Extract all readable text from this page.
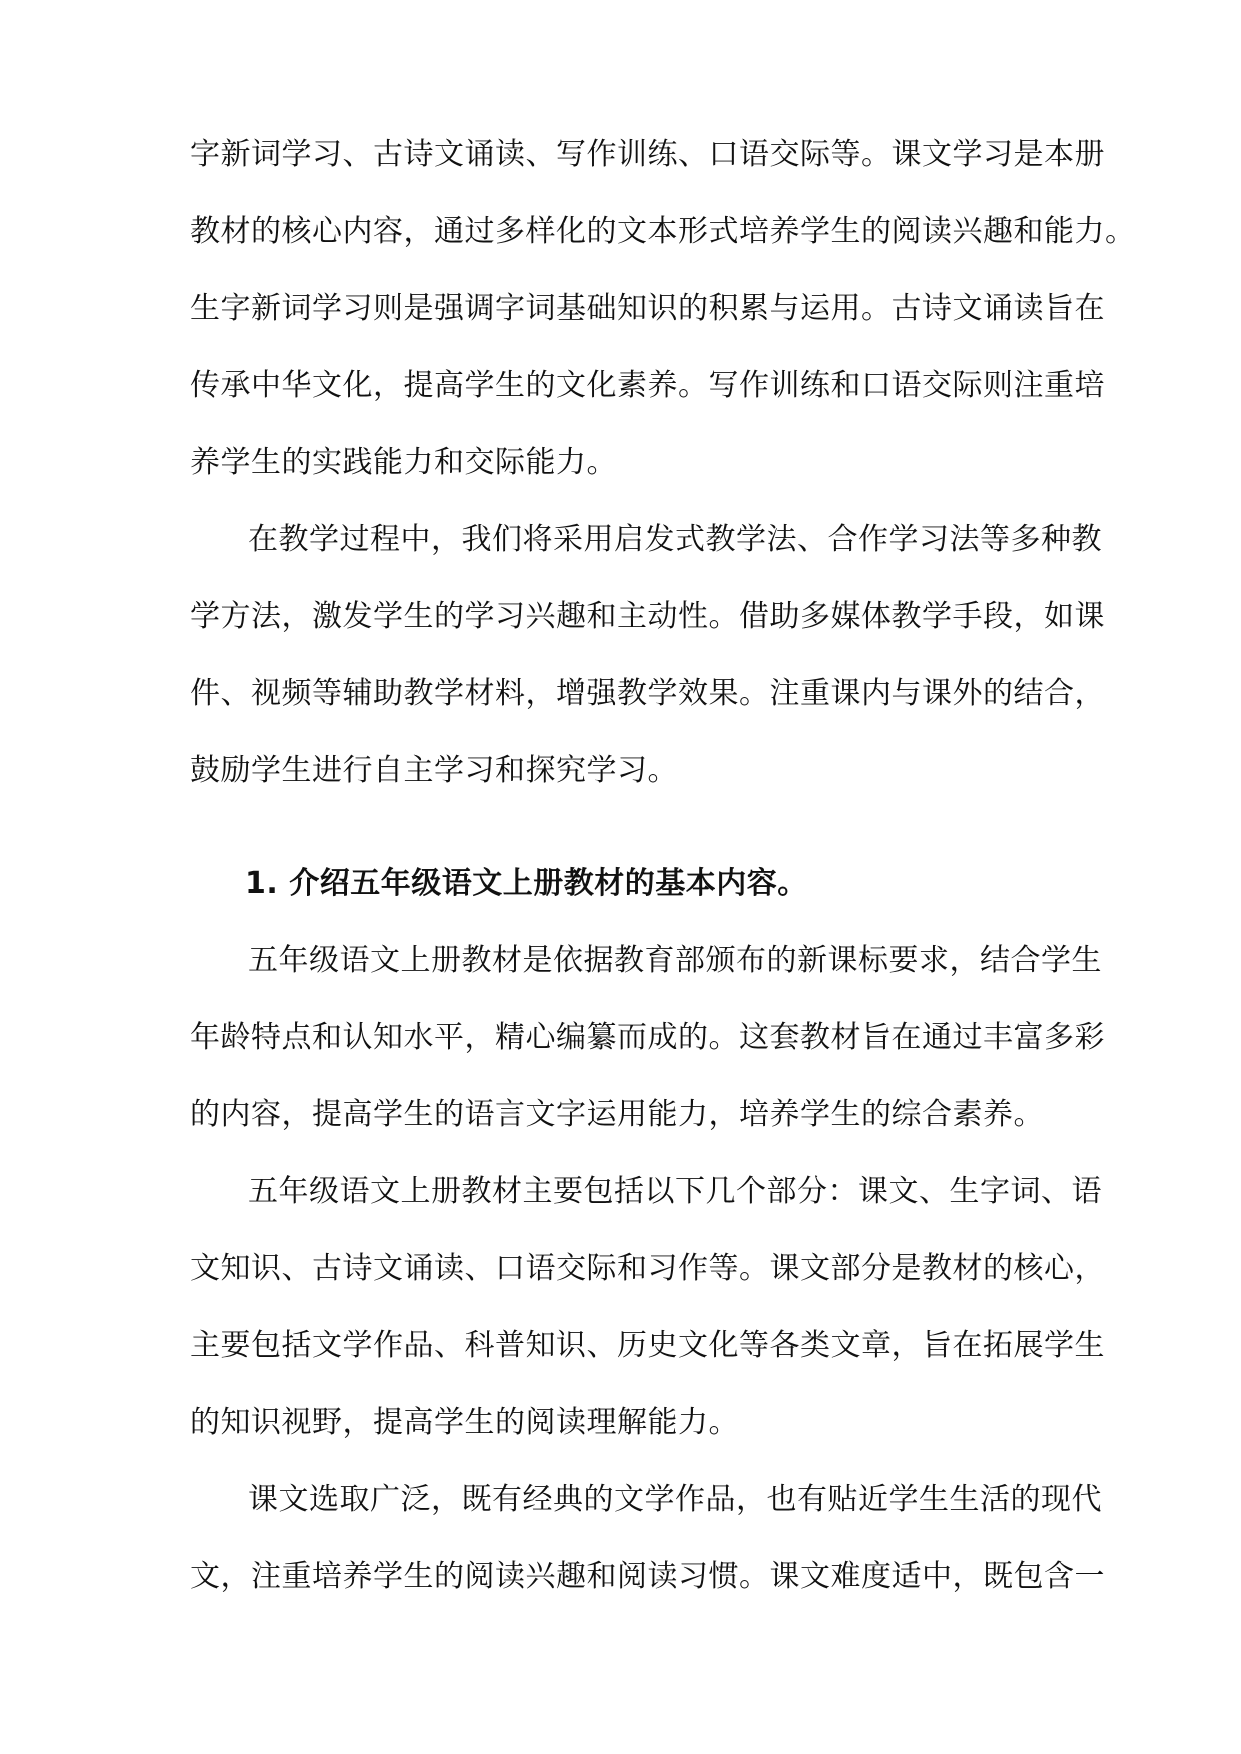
字新词学习、古诗文诵读、写作训练、口语交际等。课文学习是本册
教材的核心内容，通过多样化的文本形式培养学生的阅读兴趣和能力。
生字新词学习则是强调字词基础知识的积累与运用。古诗文诵读旨在
传承中华文化，提高学生的文化素养。写作训练和口语交际则注重培
养学生的实践能力和交际能力。
在教学过程中，我们将采用启发式教学法、合作学习法等多种教
学方法，激发学生的学习兴趣和主动性。借助多媒体教学手段，如课
件、视频等辅助教学材料，增强教学效果。注重课内与课外的结合，
鼓励学生进行自主学习和探究学习。
1. 介绍五年级语文上册教材的基本内容。
五年级语文上册教材是依据教育部颁布的新课标要求，结合学生
年龄特点和认知水平，精心编纂而成的。这套教材旨在通过丰富多彩
的内容，提高学生的语言文字运用能力，培养学生的综合素养。
五年级语文上册教材主要包括以下几个部分：课文、生字词、语
文知识、古诗文诵读、口语交际和习作等。课文部分是教材的核心，
主要包括文学作品、科普知识、历史文化等各类文章，旨在拓展学生
的知识视野，提高学生的阅读理解能力。
课文选取广泛，既有经典的文学作品，也有贴近学生生活的现代
文，注重培养学生的阅读兴趣和阅读习惯。课文难度适中，既包含一
